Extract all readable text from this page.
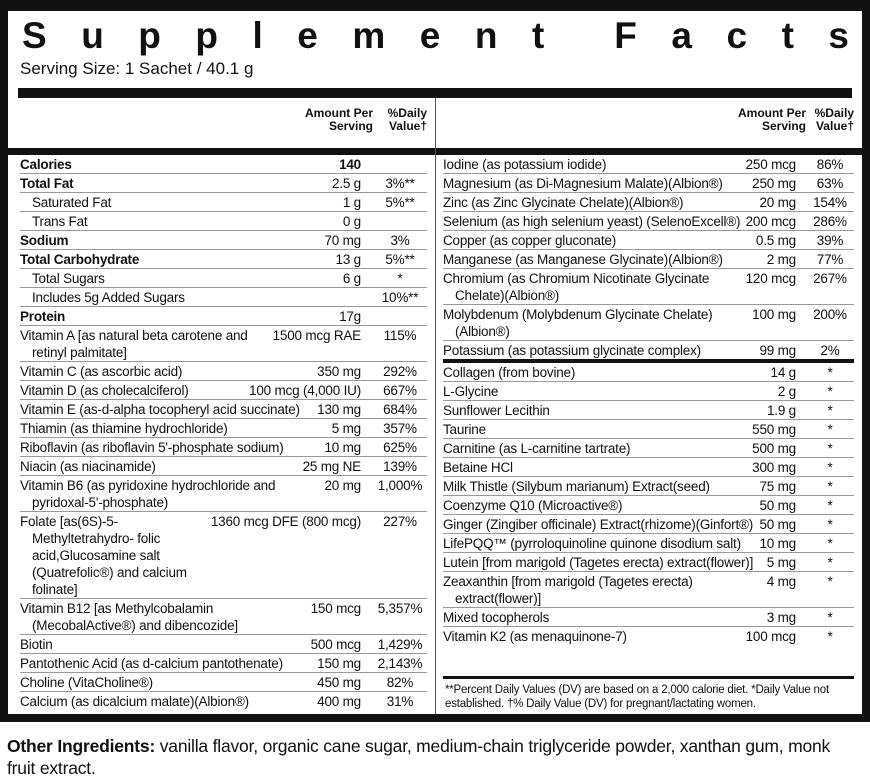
S u p p l e m e n t F a c t s
Serving Size: 1 Sachet / 40.1 g
Amount Per Serving
%Daily Value†
Amount Per Serving
%Daily Value†
Calories	140
Total Fat	2.5 g	3%**
Saturated Fat	1 g	5%**
Trans Fat	0 g
Sodium	70 mg	3%
Total Carbohydrate	13 g	5%**
Total Sugars	6 g	*
Includes 5g Added Sugars	10%**
Protein	17g
Vitamin A [as natural beta carotene and retinyl palmitate]
1500 mcg RAE	115%
Vitamin C (as ascorbic acid)	350 mg	292%
Vitamin D (as cholecalciferol)	100 mcg (4,000 IU)	667%
Vitamin E (as-d-alpha tocopheryl acid succinate)	130 mg	684%
Thiamin (as thiamine hydrochloride)	5 mg	357%
Riboflavin (as riboflavin 5'-phosphate sodium)	10 mg	625%
Niacin (as niacinamide)	25 mg NE	139%
Vitamin B6 (as pyridoxine hydrochloride and pyridoxal-5'-phosphate)
20 mg	1,000%
Folate [as(6S)-5-Methyltetrahydro- folic acid,Glucosamine salt (Quatrefolic®) and calcium folinate]
1360 mcg DFE (800 mcg)	227%
Vitamin B12 [as Methylcobalamin (MecobalActive®) and dibencozide]
150 mcg	5,357%
Biotin	500 mcg	1,429%
Pantothenic Acid (as d-calcium pantothenate)	150 mg	2,143%
Choline (VitaCholine®)	450 mg	82%
Calcium (as dicalcium malate)(Albion®)	400 mg	31%
Iodine (as potassium iodide)	250 mcg	86%
Magnesium (as Di-Magnesium Malate)(Albion®)	250 mg	63%
Zinc (as Zinc Glycinate Chelate)(Albion®)	20 mg	154%
Selenium (as high selenium yeast) (SelenoExcell®) 200 mcg	286%
Copper (as copper gluconate)	0.5 mg	39%
Manganese (as Manganese Glycinate)(Albion®)	2 mg	77%
Chromium (as Chromium Nicotinate Glycinate Chelate)(Albion®)
120 mcg	267%
Molybdenum (Molybdenum Glycinate Chelate)(Albion®)
100 mg	200%
Potassium (as potassium glycinate complex)	99 mg	2%
Collagen (from bovine)	14 g	*
L-Glycine	2 g	*
Sunflower Lecithin	1.9 g	*
Taurine	550 mg	*
Carnitine (as L-carnitine tartrate)	500 mg	*
Betaine HCl	300 mg	*
Milk Thistle (Silybum marianum) Extract(seed)	75 mg	*
Coenzyme Q10 (Microactive®)	50 mg	*
Ginger (Zingiber officinale) Extract(rhizome)(Ginfort®) 50 mg	*
LifePQQ™ (pyrroloquinoline quinone disodium salt)	10 mg	*
Lutein [from marigold (Tagetes erecta) extract(flower)]	5 mg	*
Zeaxanthin [from marigold (Tagetes erecta) extract(flower)]
4 mg	*
Mixed tocopherols	3 mg	*
Vitamin K2 (as menaquinone-7)	100 mcg	*
**Percent Daily Values (DV) are based on a 2,000 calorie diet. *Daily Value not established. †% Daily Value (DV) for pregnant/lactating women.
Other Ingredients: vanilla flavor, organic cane sugar, medium-chain triglyceride powder, xanthan gum, monk fruit extract.
